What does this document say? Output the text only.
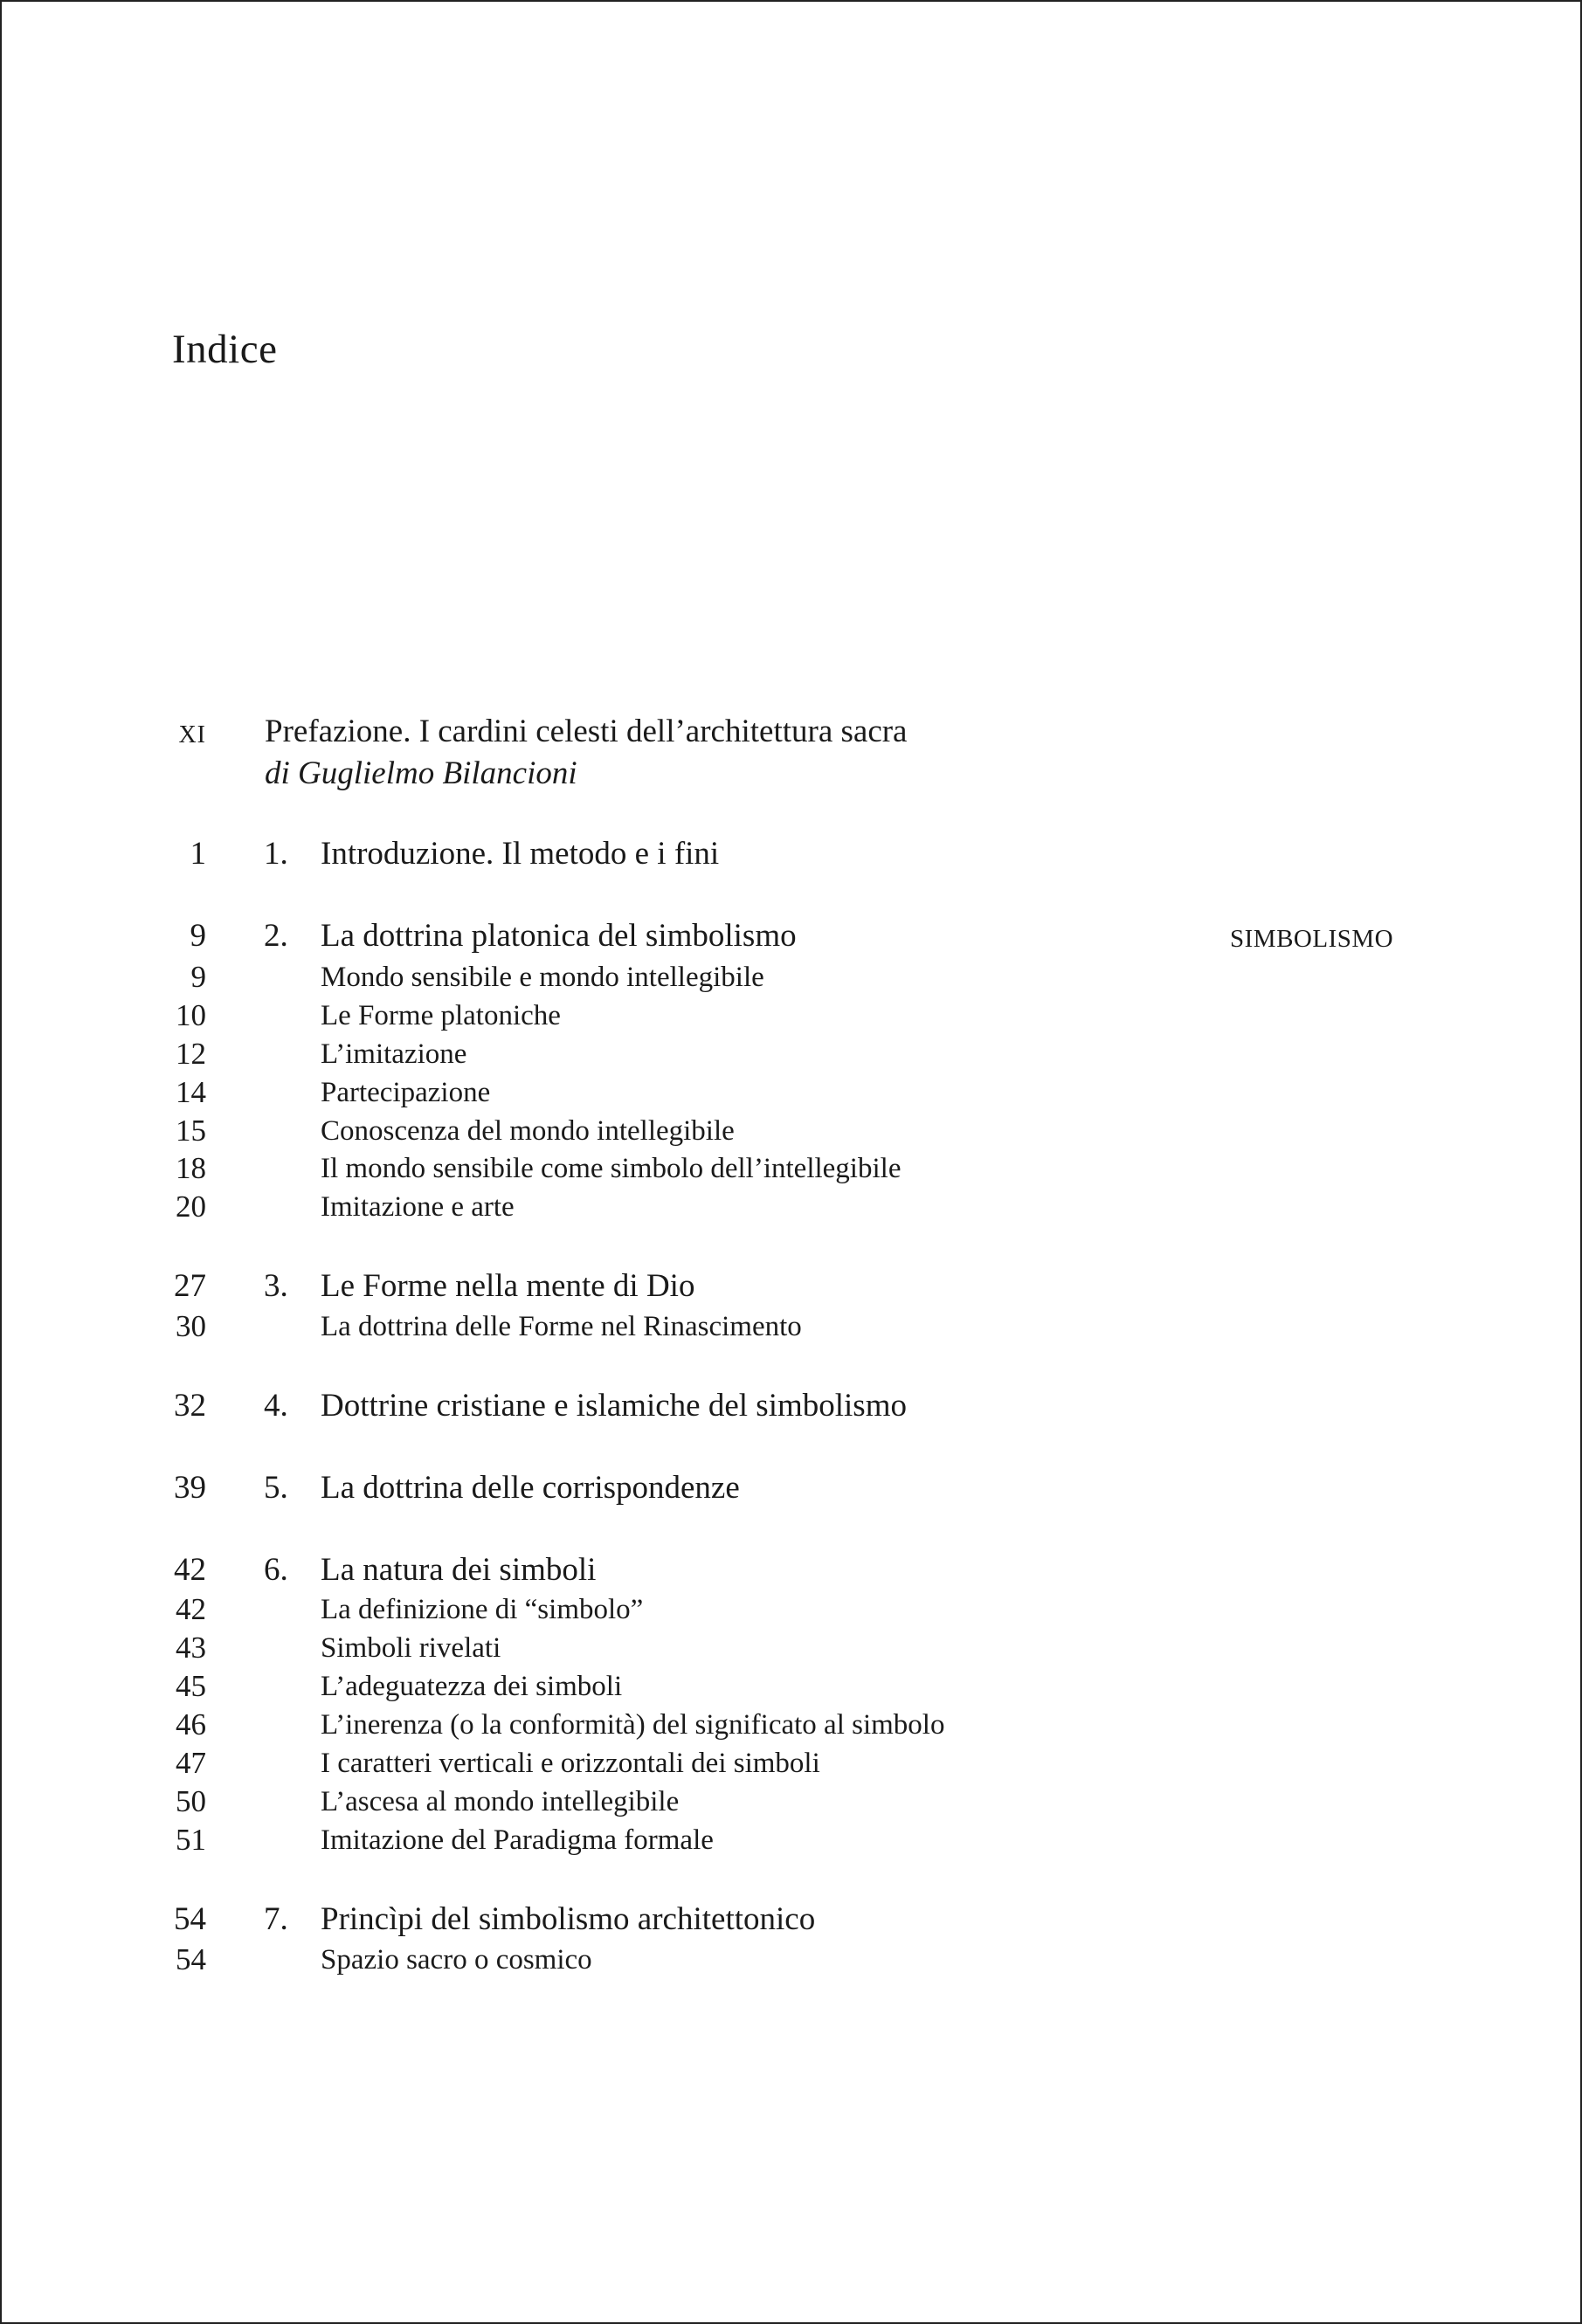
Indice
SIMBOLISMO
XI Prefazione. I cardini celesti dell’architettura sacra
di Guglielmo Bilancioni
1 1. Introduzione. Il metodo e i fini
9 2. La dottrina platonica del simbolismo
9	Mondo sensibile e mondo intellegibile
10	Le Forme platoniche
12	L’imitazione
14	Partecipazione
15	Conoscenza del mondo intellegibile
18	Il mondo sensibile come simbolo dell’intellegibile
20	Imitazione e arte
27 3. Le Forme nella mente di Dio
30	La dottrina delle Forme nel Rinascimento
32 4. Dottrine cristiane e islamiche del simbolismo
39 5. La dottrina delle corrispondenze
42 6. La natura dei simboli
42	La definizione di “simbolo”
43	Simboli rivelati
45	L’adeguatezza dei simboli
46	L’inerenza (o la conformità) del significato al simbolo
47	I caratteri verticali e orizzontali dei simboli
50	L’ascesa al mondo intellegibile
51	Imitazione del Paradigma formale
54 7. Princìpi del simbolismo architettonico
54	Spazio sacro o cosmico
